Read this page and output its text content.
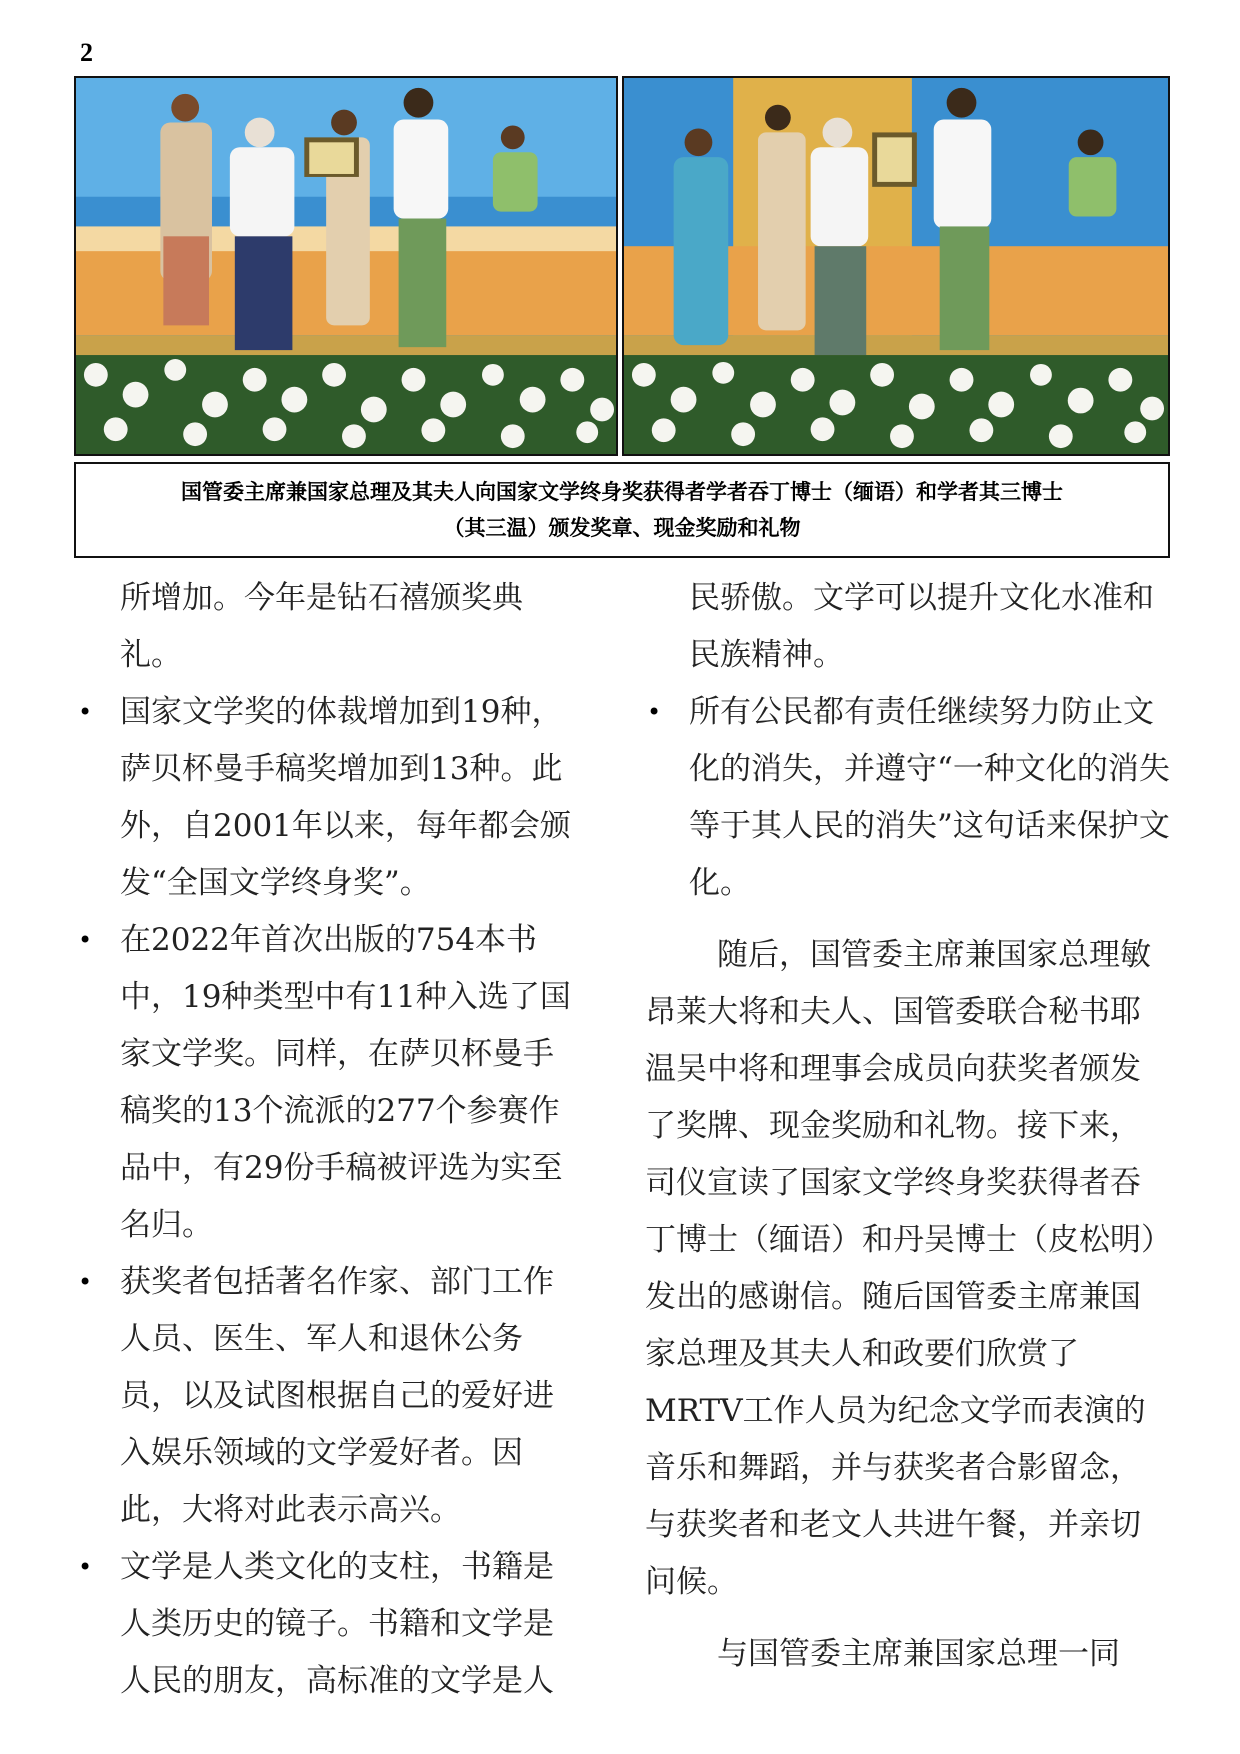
2
国管委主席兼国家总理及其夫人向国家文学终身奖获得者学者吞丁博士（缅语）和学者其三博士
（其三温）颁发奖章、现金奖励和礼物

所增加。今年是钻石禧颁奖典礼。

• 国家文学奖的体裁增加到19种，萨贝杯曼手稿奖增加到13种。此外，自2001年以来，每年都会颁发“全国文学终身奖”。
• 在2022年首次出版的754本书中，19种类型中有11种入选了国家文学奖。同样，在萨贝杯曼手稿奖的13个流派的277个参赛作品中，有29份手稿被评选为实至名归。
• 获奖者包括著名作家、部门工作人员、医生、军人和退休公务员，以及试图根据自己的爱好进入娱乐领域的文学爱好者。因此，大将对此表示高兴。
• 文学是人类文化的支柱，书籍是人类历史的镜子。书籍和文学是人民的朋友，高标准的文学是人

民骄傲。文学可以提升文化水准和民族精神。

• 所有公民都有责任继续努力防止文化的消失，并遵守“一种文化的消失等于其人民的消失”这句话来保护文化。

随后，国管委主席兼国家总理敏昂莱大将和夫人、国管委联合秘书耶温吴中将和理事会成员向获奖者颁发了奖牌、现金奖励和礼物。接下来，司仪宣读了国家文学终身奖获得者吞丁博士（缅语）和丹吴博士（皮松明）发出的感谢信。随后国管委主席兼国家总理及其夫人和政要们欣赏了MRTV工作人员为纪念文学而表演的音乐和舞蹈，并与获奖者合影留念，与获奖者和老文人共进午餐，并亲切问候。

与国管委主席兼国家总理一同
